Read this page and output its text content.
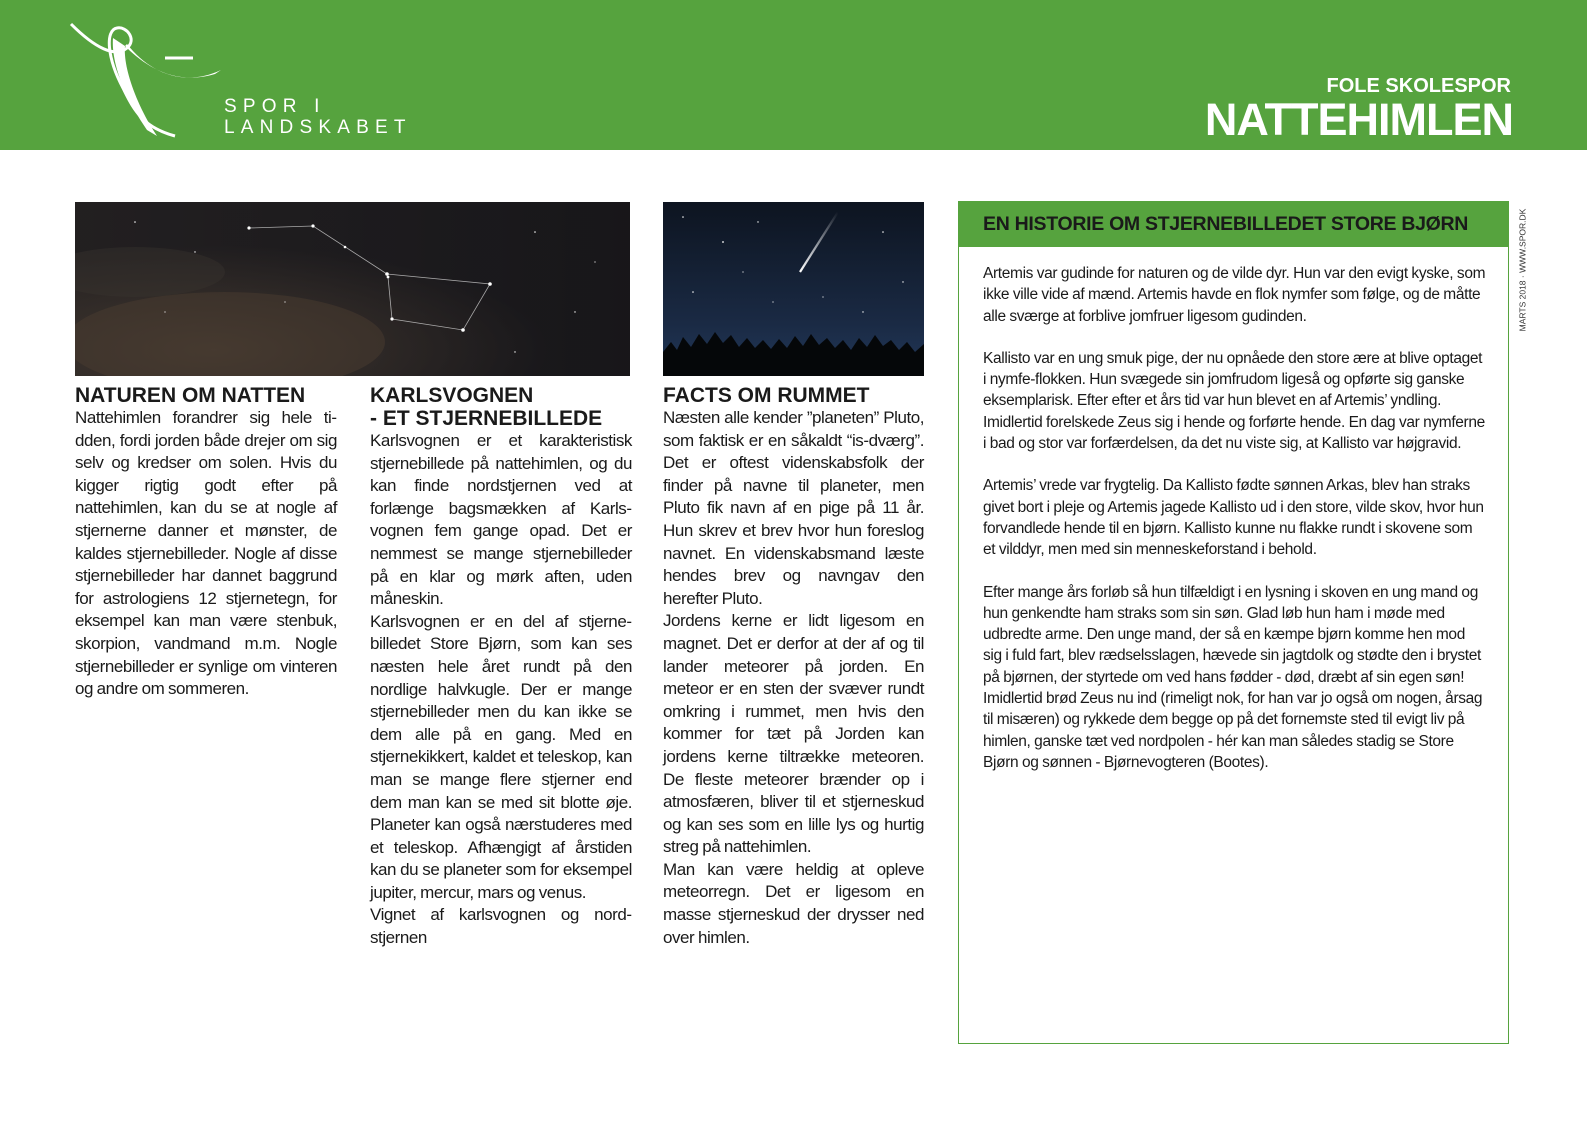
SPOR I
LANDSKABET
FOLE SKOLESPOR
NATTEHIMLEN
NATUREN OM NATTEN

Nattehimlen forandrer sig hele tidden, fordi jorden både drejer om sig selv og kredser om solen. Hvis du kigger rigtig godt efter på nattehimlen, kan du se at nogle af stjernerne danner et mønster, de kaldes stjernebilleder. Nogle af disse stjernebilleder har dannet baggrund for astrologiens 12 stjernetegn, for eksempel kan man være stenbuk, skorpion, vandmand m.m. Nogle stjernebilleder er synlige om vinteren og andre om sommeren.

KARLSVOGNEN
- ET STJERNEBILLEDE

Karlsvognen er et karakteristisk stjernebillede på nattehimlen, og du kan finde nordstjernen ved at forlænge bagsmækken af Karlsvognen fem gange opad. Det er nemmest se mange stjernebilleder på en klar og mørk aften, uden måneskin.

Karlsvognen er en del af stjernebilledet Store Bjørn, som kan ses næsten hele året rundt på den nordlige halvkugle. Der er mange stjernebilleder men du kan ikke se dem alle på en gang. Med en stjernekikkert, kaldet et teleskop, kan man se mange flere stjerner end dem man kan se med sit blotte øje. Planeter kan også nærstuderes med et teleskop. Afhængigt af årstiden kan du se planeter som for eksempel jupiter, mercur, mars og venus.

Vignet af karlsvognen og nordstjernen

FACTS OM RUMMET

Næsten alle kender ”planeten” Pluto, som faktisk er en såkaldt “is-dværg”. Det er oftest videnskabsfolk der finder på navne til planeter, men Pluto fik navn af en pige på 11 år. Hun skrev et brev hvor hun foreslog navnet. En videnskabsmand læste hendes brev og navngav den herefter Pluto.

Jordens kerne er lidt ligesom en magnet. Det er derfor at der af og til lander meteorer på jorden. En meteor er en sten der svæver rundt omkring i rummet, men hvis den kommer for tæt på Jorden kan jordens kerne tiltrække meteoren. De fleste meteorer brænder op i atmosfæren, bliver til et stjerneskud og kan ses som en lille lys og hurtig streg på nattehimlen.

Man kan være heldig at opleve meteorregn. Det er ligesom en masse stjerneskud der drysser ned over himlen.

EN HISTORIE OM STJERNEBILLEDET STORE BJØRN

Artemis var gudinde for naturen og de vilde dyr. Hun var den evigt kyske, som ikke ville vide af mænd. Artemis havde en flok nymfer som følge, og de måtte alle sværge at forblive jomfruer ligesom gudinden.

Kallisto var en ung smuk pige, der nu opnåede den store ære at blive optaget i nymfe-flokken. Hun svægede sin jomfrudom ligeså og opførte sig ganske eksemplarisk. Efter efter et års tid var hun blevet en af Artemis’ yndling. Imidlertid forelskede Zeus sig i hende og forførte hende. En dag var nymferne i bad og stor var forfærdelsen, da det nu viste sig, at Kallisto var højgravid.

Artemis’ vrede var frygtelig. Da Kallisto fødte sønnen Arkas, blev han straks givet bort i pleje og Artemis jagede Kallisto ud i den store, vilde skov, hvor hun forvandlede hende til en bjørn. Kallisto kunne nu flakke rundt i skovene som et vilddyr, men med sin menneskeforstand i behold.

Efter mange års forløb så hun tilfældigt i en lysning i skoven en ung mand og hun genkendte ham straks som sin søn. Glad løb hun ham i møde med udbredte arme. Den unge mand, der så en kæmpe bjørn komme hen mod sig i fuld fart, blev rædselsslagen, hævede sin jagtdolk og stødte den i brystet på bjørnen, der styrtede om ved hans fødder - død, dræbt af sin egen søn! Imidlertid brød Zeus nu ind (rimeligt nok, for han var jo også om nogen, årsag til misæren) og rykkede dem begge op på det fornemste sted til evigt liv på himlen, ganske tæt ved nordpolen - hér kan man således stadig se Store Bjørn og sønnen - Bjørnevogteren (Bootes).

MARTS 2018 · WWW.SPOR.DK
